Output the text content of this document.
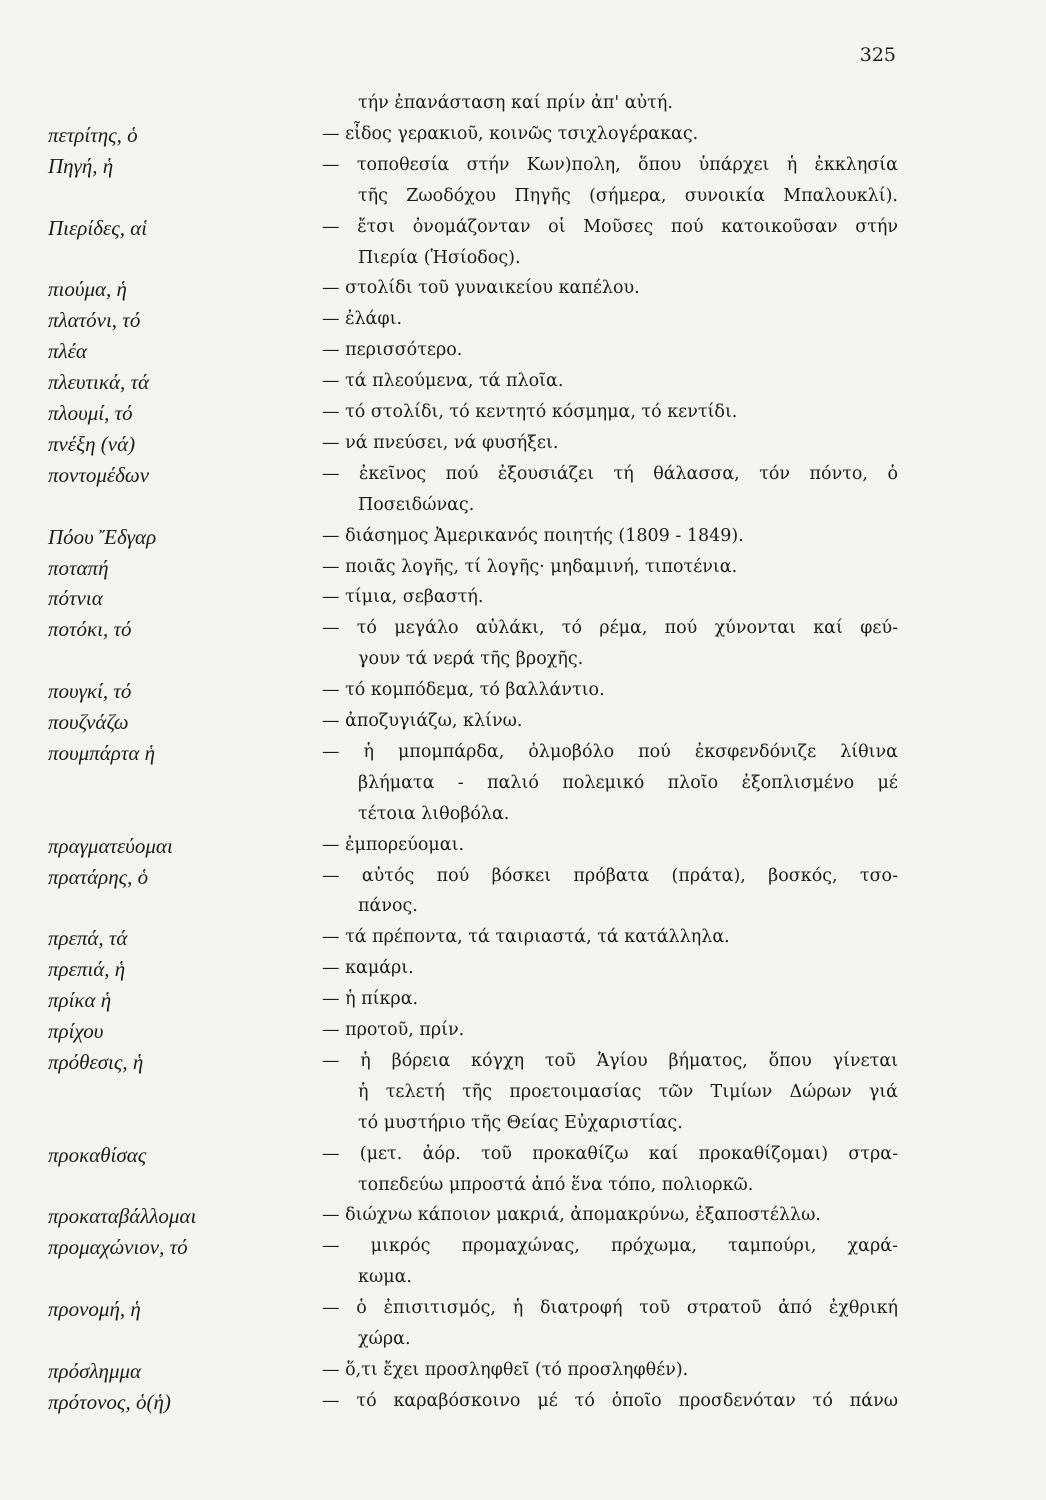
325
τήν ἐπανάσταση καί πρίν ἀπ' αὐτή.
πετρίτης, ὁ	— εἶδος γερακιοῦ, κοινῶς τσιχλογέρακας.
Πηγή, ἡ	— τοποθεσία στήν Κων)πολη, ὅπου ὑπάρχει ἡ ἐκκλησία
τῆς Ζωοδόχου Πηγῆς (σήμερα, συνοικία Μπαλουκλί).
Πιερίδες, αἱ	— ἔτσι ὀνομάζονταν οἱ Μοῦσες πού κατοικοῦσαν στήν
Πιερία (Ἡσίοδος).
πιούμα, ἡ	— στολίδι τοῦ γυναικείου καπέλου.
πλατόνι, τό	— ἐλάφι.
πλέα	— περισσότερο.
πλευτικά, τά	— τά πλεούμενα, τά πλοῖα.
πλουμί, τό	— τό στολίδι, τό κεντητό κόσμημα, τό κεντίδι.
πνέξη (νά)	— νά πνεύσει, νά φυσήξει.
ποντομέδων	— ἐκεῖνος πού ἐξουσιάζει τή θάλασσα, τόν πόντο, ὁ
Ποσειδώνας.
Πόου Ἔδγαρ	— διάσημος Ἀμερικανός ποιητής (1809 - 1849).
ποταπή	— ποιᾶς λογῆς, τί λογῆς· μηδαμινή, τιποτένια.
πότνια	— τίμια, σεβαστή.
ποτόκι, τό	— τό μεγάλο αὐλάκι, τό ρέμα, πού χύνονται καί φεύ-
γουν τά νερά τῆς βροχῆς.
πουγκί, τό	— τό κομπόδεμα, τό βαλλάντιο.
πουζνάζω	— ἀποζυγιάζω, κλίνω.
πουμπάρτα ἡ	— ἡ μπομπάρδα, ὀλμοβόλο πού ἐκσφενδόνιζε λίθινα
βλήματα - παλιό πολεμικό πλοῖο ἐξοπλισμένο μέ
τέτοια λιθοβόλα.
πραγματεύομαι	— ἐμπορεύομαι.
πρατάρης, ὁ	— αὐτός πού βόσκει πρόβατα (πράτα), βοσκός, τσο-
πάνος.
πρεπά, τά	— τά πρέποντα, τά ταιριαστά, τά κατάλληλα.
πρεπιά, ἡ	— καμάρι.
πρίκα ἡ	— ἡ πίκρα.
πρίχου	— προτοῦ, πρίν.
πρόθεσις, ἡ	— ἡ βόρεια κόγχη τοῦ Ἁγίου βήματος, ὅπου γίνεται
ἡ τελετή τῆς προετοιμασίας τῶν Τιμίων Δώρων γιά
τό μυστήριο τῆς Θείας Εὐχαριστίας.
προκαθίσας	— (μετ. ἀόρ. τοῦ προκαθίζω καί προκαθίζομαι) στρα-
τοπεδεύω μπροστά ἀπό ἕνα τόπο, πολιορκῶ.
προκαταβάλλομαι	— διώχνω κάποιον μακριά, ἀπομακρύνω, ἐξαποστέλλω.
προμαχώνιον, τό	— μικρός προμαχώνας, πρόχωμα, ταμπούρι, χαρά-
κωμα.
προνομή, ἡ	— ὁ ἐπισιτισμός, ἡ διατροφή τοῦ στρατοῦ ἀπό ἐχθρική
χώρα.
πρόσλημμα	— ὅ,τι ἔχει προσληφθεῖ (τό προσληφθέν).
πρότονος, ὁ(ἡ)	— τό καραβόσκοινο μέ τό ὁποῖο προσδενόταν τό πάνω
